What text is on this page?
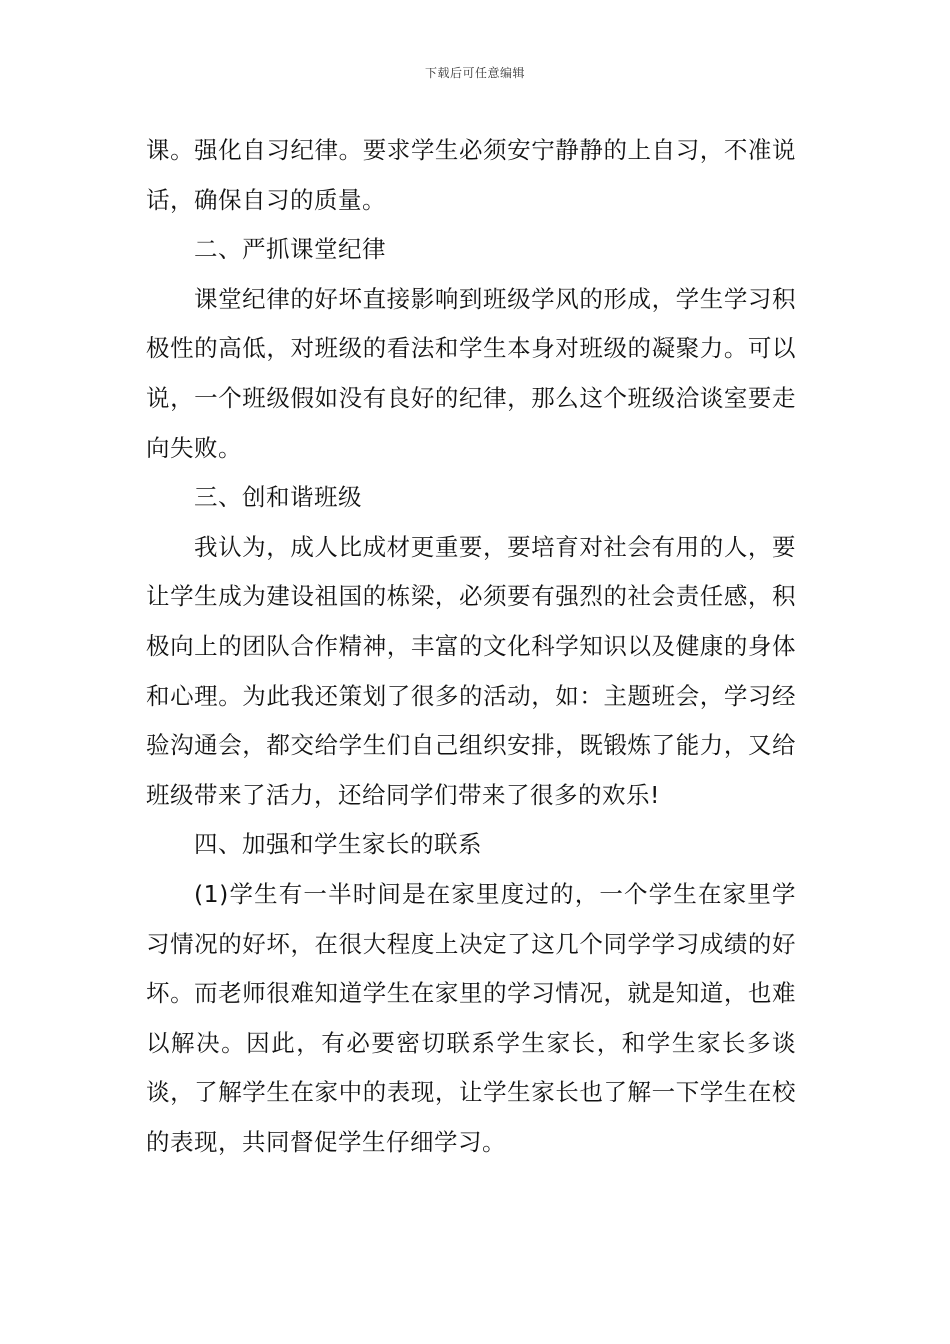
下载后可任意编辑

课。强化自习纪律。要求学生必须安宁静静的上自习，不准说话，确保自习的质量。

二、严抓课堂纪律

课堂纪律的好坏直接影响到班级学风的形成，学生学习积极性的高低，对班级的看法和学生本身对班级的凝聚力。可以说，一个班级假如没有良好的纪律，那么这个班级洽谈室要走向失败。

三、创和谐班级

我认为，成人比成材更重要，要培育对社会有用的人，要让学生成为建设祖国的栋梁，必须要有强烈的社会责任感，积极向上的团队合作精神，丰富的文化科学知识以及健康的身体和心理。为此我还策划了很多的活动，如：主题班会，学习经验沟通会，都交给学生们自己组织安排，既锻炼了能力，又给班级带来了活力，还给同学们带来了很多的欢乐!

四、加强和学生家长的联系

(1)学生有一半时间是在家里度过的，一个学生在家里学习情况的好坏，在很大程度上决定了这几个同学学习成绩的好坏。而老师很难知道学生在家里的学习情况，就是知道，也难以解决。因此，有必要密切联系学生家长，和学生家长多谈谈，了解学生在家中的表现，让学生家长也了解一下学生在校的表现，共同督促学生仔细学习。
